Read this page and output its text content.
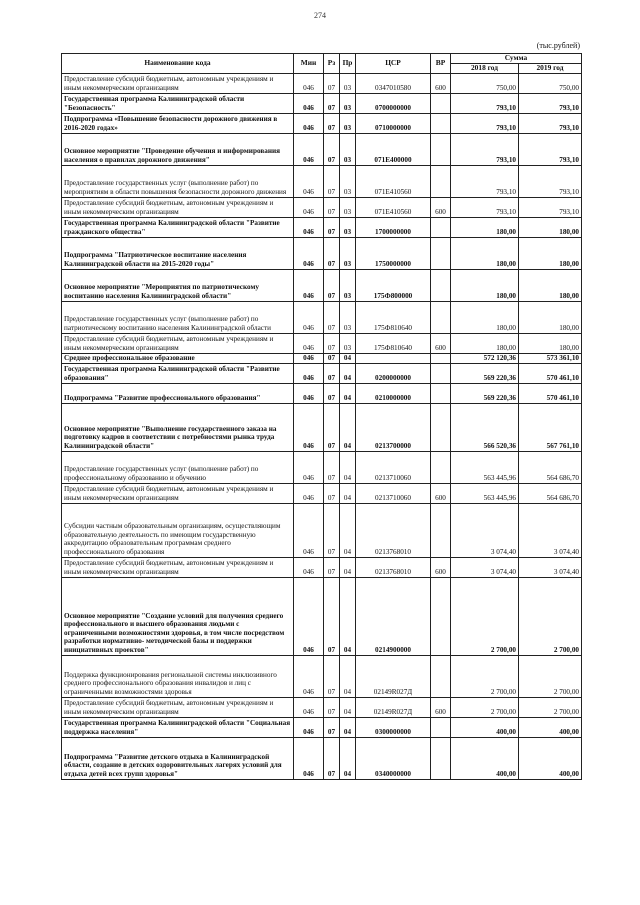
274
(тыс.рублей)
Наименование кода	Мин	Рз	Пр	ЦСР	ВР	Сумма	
						2018 год	2019 год
Предоставление субсидий бюджетным, автономным учреждениям и иным некоммерческим организациям	046	07	03	0347010580	600	750,00	750,00
Государственная программа Калининградской области "Безопасность"	046	07	03	0700000000		793,10	793,10
Подпрограмма «Повышение безопасности дорожного движения в 2016-2020 годах»	046	07	03	0710000000		793,10	793,10
Основное мероприятие "Проведение обучения и информирования населения о правилах дорожного движения"	046	07	03	071E400000		793,10	793,10
Предоставление государственных услуг (выполнение работ) по мероприятиям в области повышения безопасности дорожного движения	046	07	03	071E410560		793,10	793,10
Предоставление субсидий бюджетным, автономным учреждениям и иным некоммерческим организациям	046	07	03	071E410560	600	793,10	793,10
Государственная программа Калининградской области "Развитие гражданского общества"	046	07	03	1700000000		180,00	180,00
Подпрограмма "Патриотическое воспитание населения Калининградской области на 2015-2020 годы"	046	07	03	1750000000		180,00	180,00
Основное мероприятие "Мероприятия по патриотическому воспитанию населения Калининградской области"	046	07	03	175Ф800000		180,00	180,00
Предоставление государственных услуг (выполнение работ) по патриотическому воспитанию населения Калининградской области	046	07	03	175Ф810640		180,00	180,00
Предоставление субсидий бюджетным, автономным учреждениям и иным некоммерческим организациям	046	07	03	175Ф810640	600	180,00	180,00
Среднее профессиональное образование	046	07	04			572 120,36	573 361,10
Государственная программа Калининградской области "Развитие образования"	046	07	04	0200000000		569 220,36	570 461,10
Подпрограмма "Развитие профессионального образования"	046	07	04	0210000000		569 220,36	570 461,10
Основное мероприятие "Выполнение государственного заказа на подготовку кадров в соответствии с потребностями рынка труда Калининградской области"	046	07	04	0213700000		566 520,36	567 761,10
Предоставление государственных услуг (выполнение работ) по профессиональному образованию и обучению	046	07	04	0213710060		563 445,96	564 686,70
Предоставление субсидий бюджетным, автономным учреждениям и иным некоммерческим организациям	046	07	04	0213710060	600	563 445,96	564 686,70
Субсидии частным образовательным организациям, осуществляющим образовательную деятельность по имеющим государственную аккредитацию образовательным программам среднего профессионального образования	046	07	04	0213768010		3 074,40	3 074,40
Предоставление субсидий бюджетным, автономным учреждениям и иным некоммерческим организациям	046	07	04	0213768010	600	3 074,40	3 074,40
Основное мероприятие "Создание условий для получения среднего профессионального и высшего образования людьми с ограниченными возможностями здоровья, в том числе посредством разработки нормативно- методической базы и поддержки инициативных проектов"	046	07	04	0214900000		2 700,00	2 700,00
Поддержка функционирования региональной системы инклюзивного среднего профессионального образования инвалидов и лиц с ограниченными возможностями здоровья	046	07	04	02149R027Д		2 700,00	2 700,00
Предоставление субсидий бюджетным, автономным учреждениям и иным некоммерческим организациям	046	07	04	02149R027Д	600	2 700,00	2 700,00
Государственная программа Калининградской области "Социальная поддержка населения"	046	07	04	0300000000		400,00	400,00
Подпрограмма "Развитие детского отдыха в Калининградской области, создание в детских оздоровительных лагерях условий для отдыха детей всех групп здоровья"	046	07	04	0340000000		400,00	400,00
